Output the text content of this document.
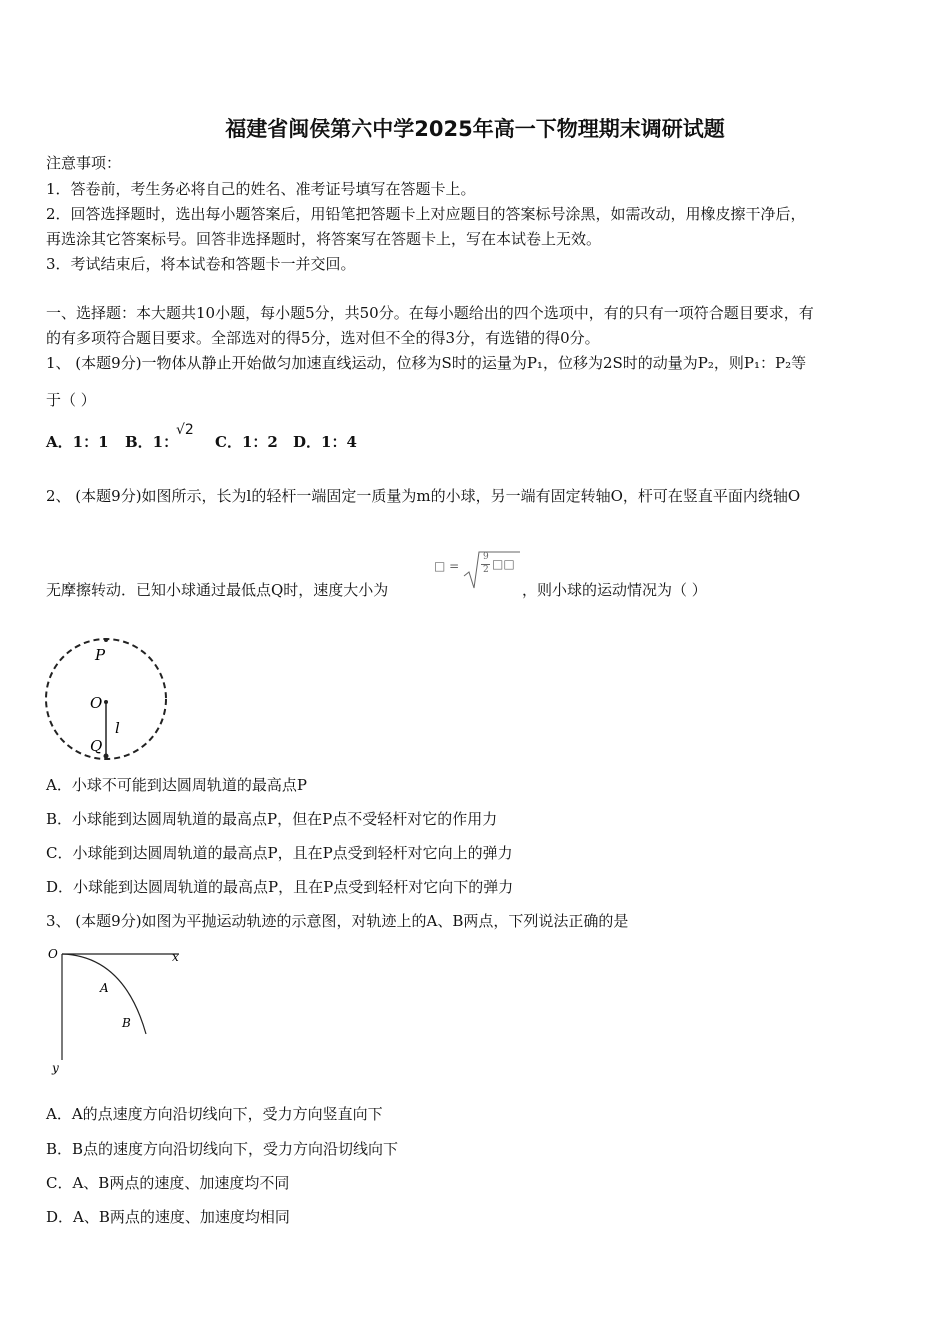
福建省闽侯第六中学2025年高一下物理期末调研试题
注意事项：
1．答卷前，考生务必将自己的姓名、准考证号填写在答题卡上。
2．回答选择题时，选出每小题答案后，用铅笔把答题卡上对应题目的答案标号涂黑，如需改动，用橡皮擦干净后，
再选涂其它答案标号。回答非选择题时，将答案写在答题卡上，写在本试卷上无效。
3．考试结束后，将本试卷和答题卡一并交回。
一、选择题：本大题共10小题，每小题5分，共50分。在每小题给出的四个选项中，有的只有一项符合题目要求，有
的有多项符合题目要求。全部选对的得5分，选对但不全的得3分，有选错的得0分。
1、 (本题9分)一物体从静止开始做匀加速直线运动，位移为S时的运量为P₁，位移为2S时的动量为P₂，则P₁：P₂等
于（ ）
A．1：1 B．1：
√2
C．1：2 D．1：4
2、 (本题9分)如图所示，长为l的轻杆一端固定一质量为m的小球，另一端有固定转轴O，杆可在竖直平面内绕轴O
无摩擦转动．已知小球通过最低点Q时，速度大小为
□ =
9
2 □□
，则小球的运动情况为（ ）
P
O
l
Q
A．小球不可能到达圆周轨道的最高点P
B．小球能到达圆周轨道的最高点P，但在P点不受轻杆对它的作用力
C．小球能到达圆周轨道的最高点P，且在P点受到轻杆对它向上的弹力
D．小球能到达圆周轨道的最高点P，且在P点受到轻杆对它向下的弹力
3、 (本题9分)如图为平抛运动轨迹的示意图，对轨迹上的A、B两点，下列说法正确的是
O	x
y
A
B
A．A的点速度方向沿切线向下，受力方向竖直向下
B．B点的速度方向沿切线向下，受力方向沿切线向下
C．A、B两点的速度、加速度均不同
D．A、B两点的速度、加速度均相同
